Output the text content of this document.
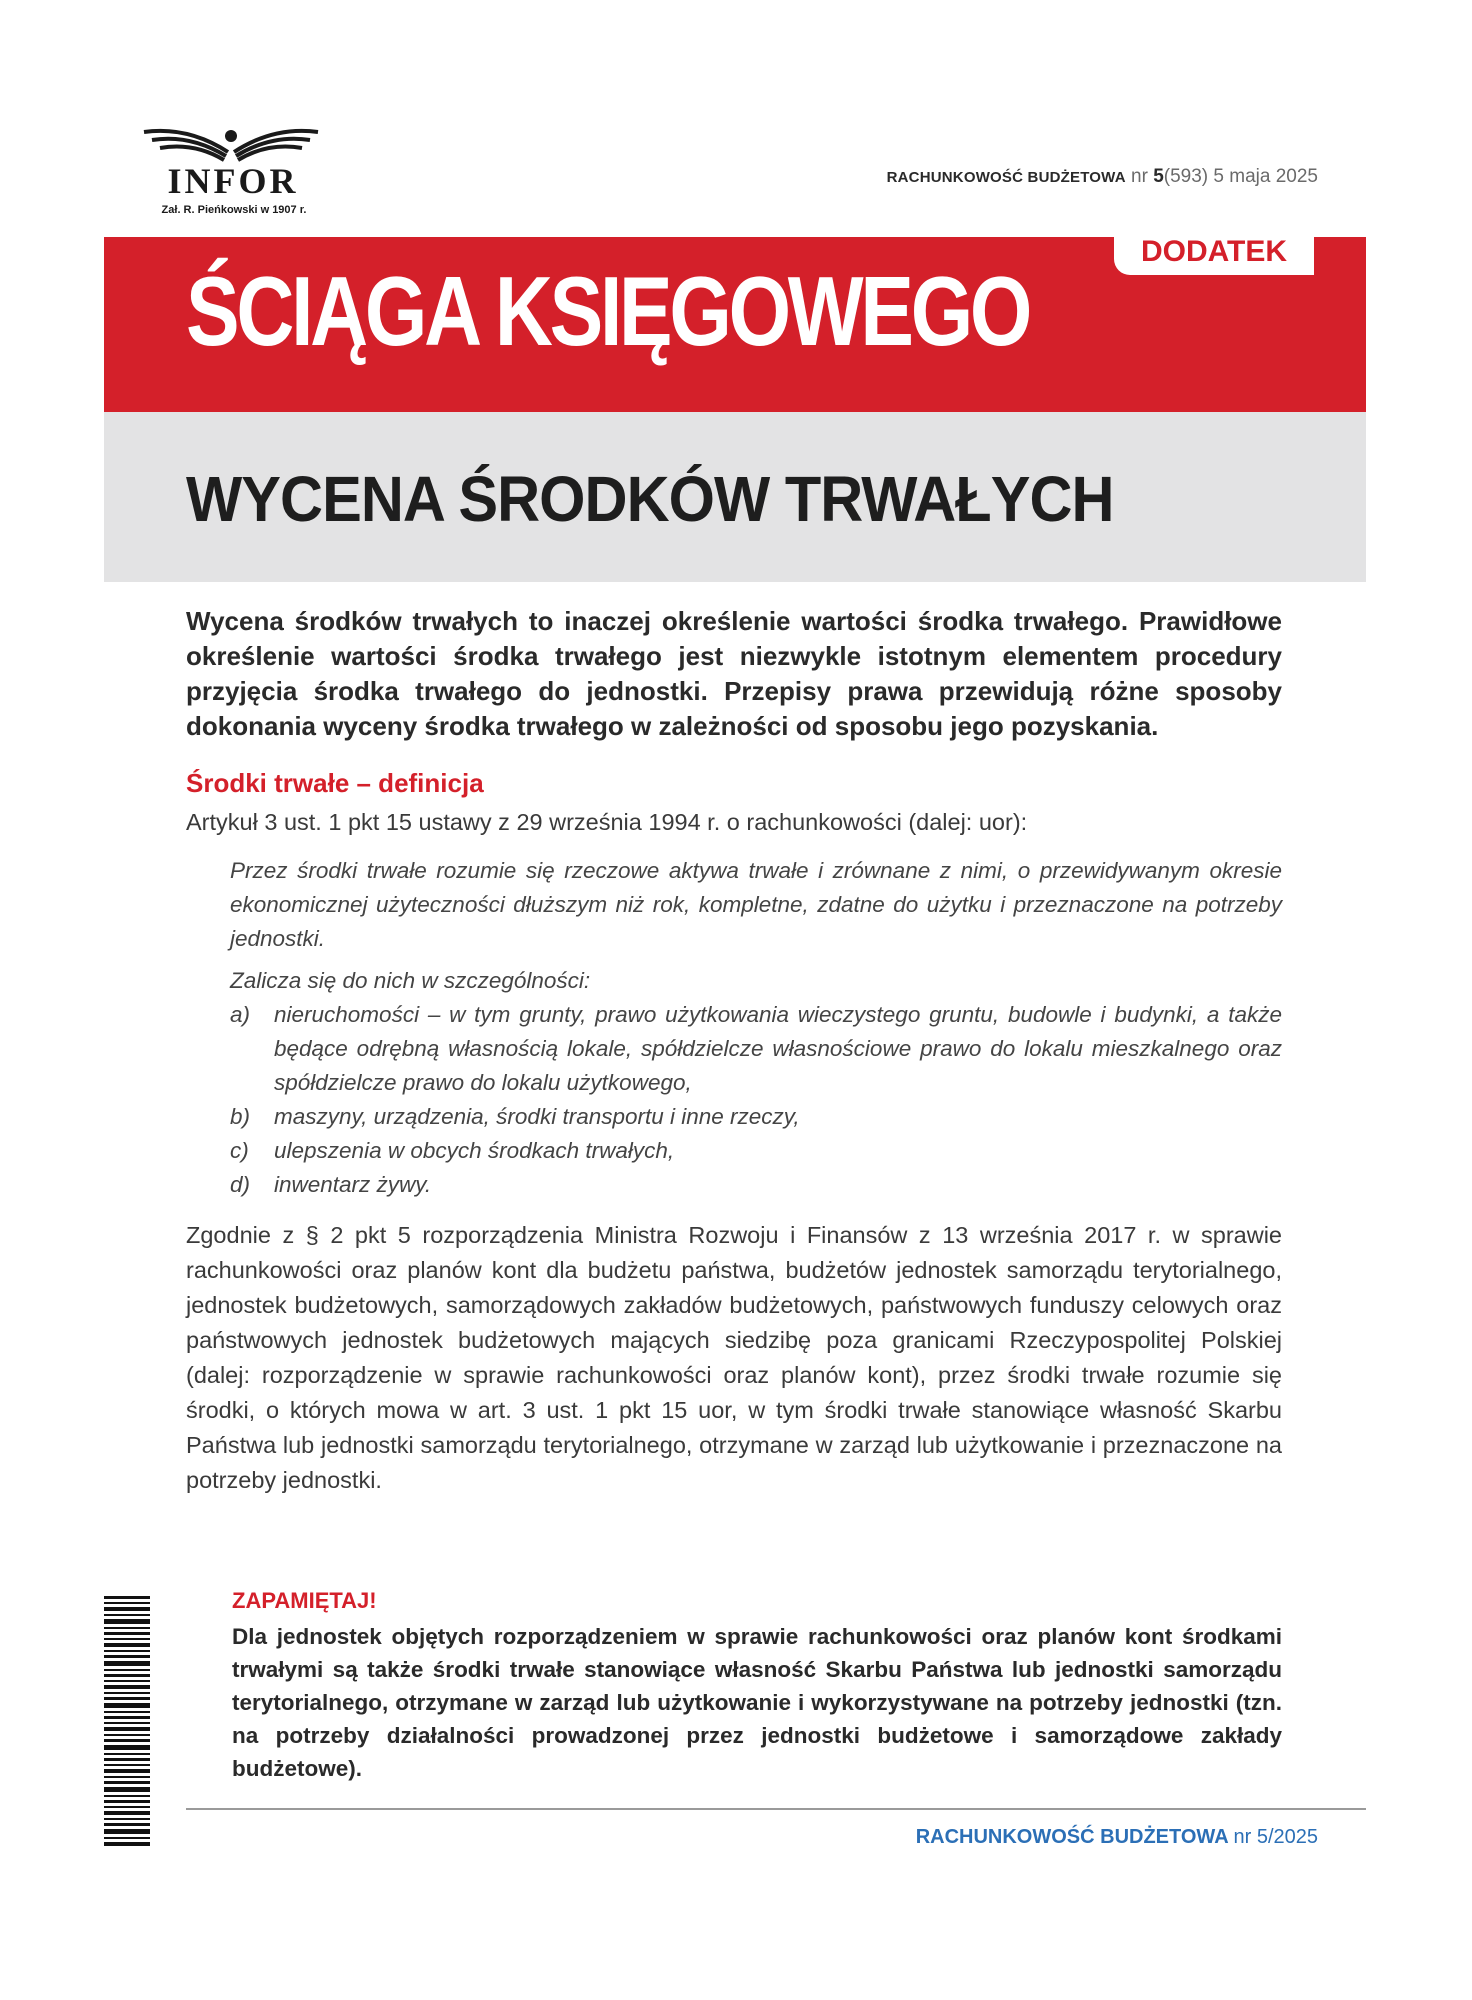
INFOR
Zał. R. Pieńkowski w 1907 r.
RACHUNKOWOŚĆ BUDŻETOWA nr 5(593) 5 maja 2025
DODATEK
ŚCIĄGA KSIĘGOWEGO
WYCENA ŚRODKÓW TRWAŁYCH

Wycena środków trwałych to inaczej określenie wartości środka trwałego. Prawidłowe określenie wartości środka trwałego jest niezwykle istotnym elementem procedury przyjęcia środka trwałego do jednostki. Przepisy prawa przewidują różne sposoby dokonania wyceny środka trwałego w zależności od sposobu jego pozyskania.

Środki trwałe – definicja

Artykuł 3 ust. 1 pkt 15 ustawy z 29 września 1994 r. o rachunkowości (dalej: uor):

Przez środki trwałe rozumie się rzeczowe aktywa trwałe i zrównane z nimi, o przewidywanym okresie ekonomicznej użyteczności dłuższym niż rok, kompletne, zdatne do użytku i przeznaczone na potrzeby jednostki.

Zalicza się do nich w szczególności:

a) nieruchomości – w tym grunty, prawo użytkowania wieczystego gruntu, budowle i budynki, a także będące odrębną własnością lokale, spółdzielcze własnościowe prawo do lokalu mieszkalnego oraz spółdzielcze prawo do lokalu użytkowego,
b) maszyny, urządzenia, środki transportu i inne rzeczy,
c) ulepszenia w obcych środkach trwałych,
d) inwentarz żywy.

Zgodnie z § 2 pkt 5 rozporządzenia Ministra Rozwoju i Finansów z 13 września 2017 r. w sprawie rachunkowości oraz planów kont dla budżetu państwa, budżetów jednostek samorządu terytorialnego, jednostek budżetowych, samorządowych zakładów budżetowych, państwowych funduszy celowych oraz państwowych jednostek budżetowych mających siedzibę poza granicami Rzeczypospolitej Polskiej (dalej: rozporządzenie w sprawie rachunkowości oraz planów kont), przez środki trwałe rozumie się środki, o których mowa w art. 3 ust. 1 pkt 15 uor, w tym środki trwałe stanowiące własność Skarbu Państwa lub jednostki samorządu terytorialnego, otrzymane w zarząd lub użytkowanie i przeznaczone na potrzeby jednostki.

ZAPAMIĘTAJ!

Dla jednostek objętych rozporządzeniem w sprawie rachunkowości oraz planów kont środkami trwałymi są także środki trwałe stanowiące własność Skarbu Państwa lub jednostki samorządu terytorialnego, otrzymane w zarząd lub użytkowanie i wykorzystywane na potrzeby jednostki (tzn. na potrzeby działalności prowadzonej przez jednostki budżetowe i samorządowe zakłady budżetowe).

RACHUNKOWOŚĆ BUDŻETOWA nr 5/2025
